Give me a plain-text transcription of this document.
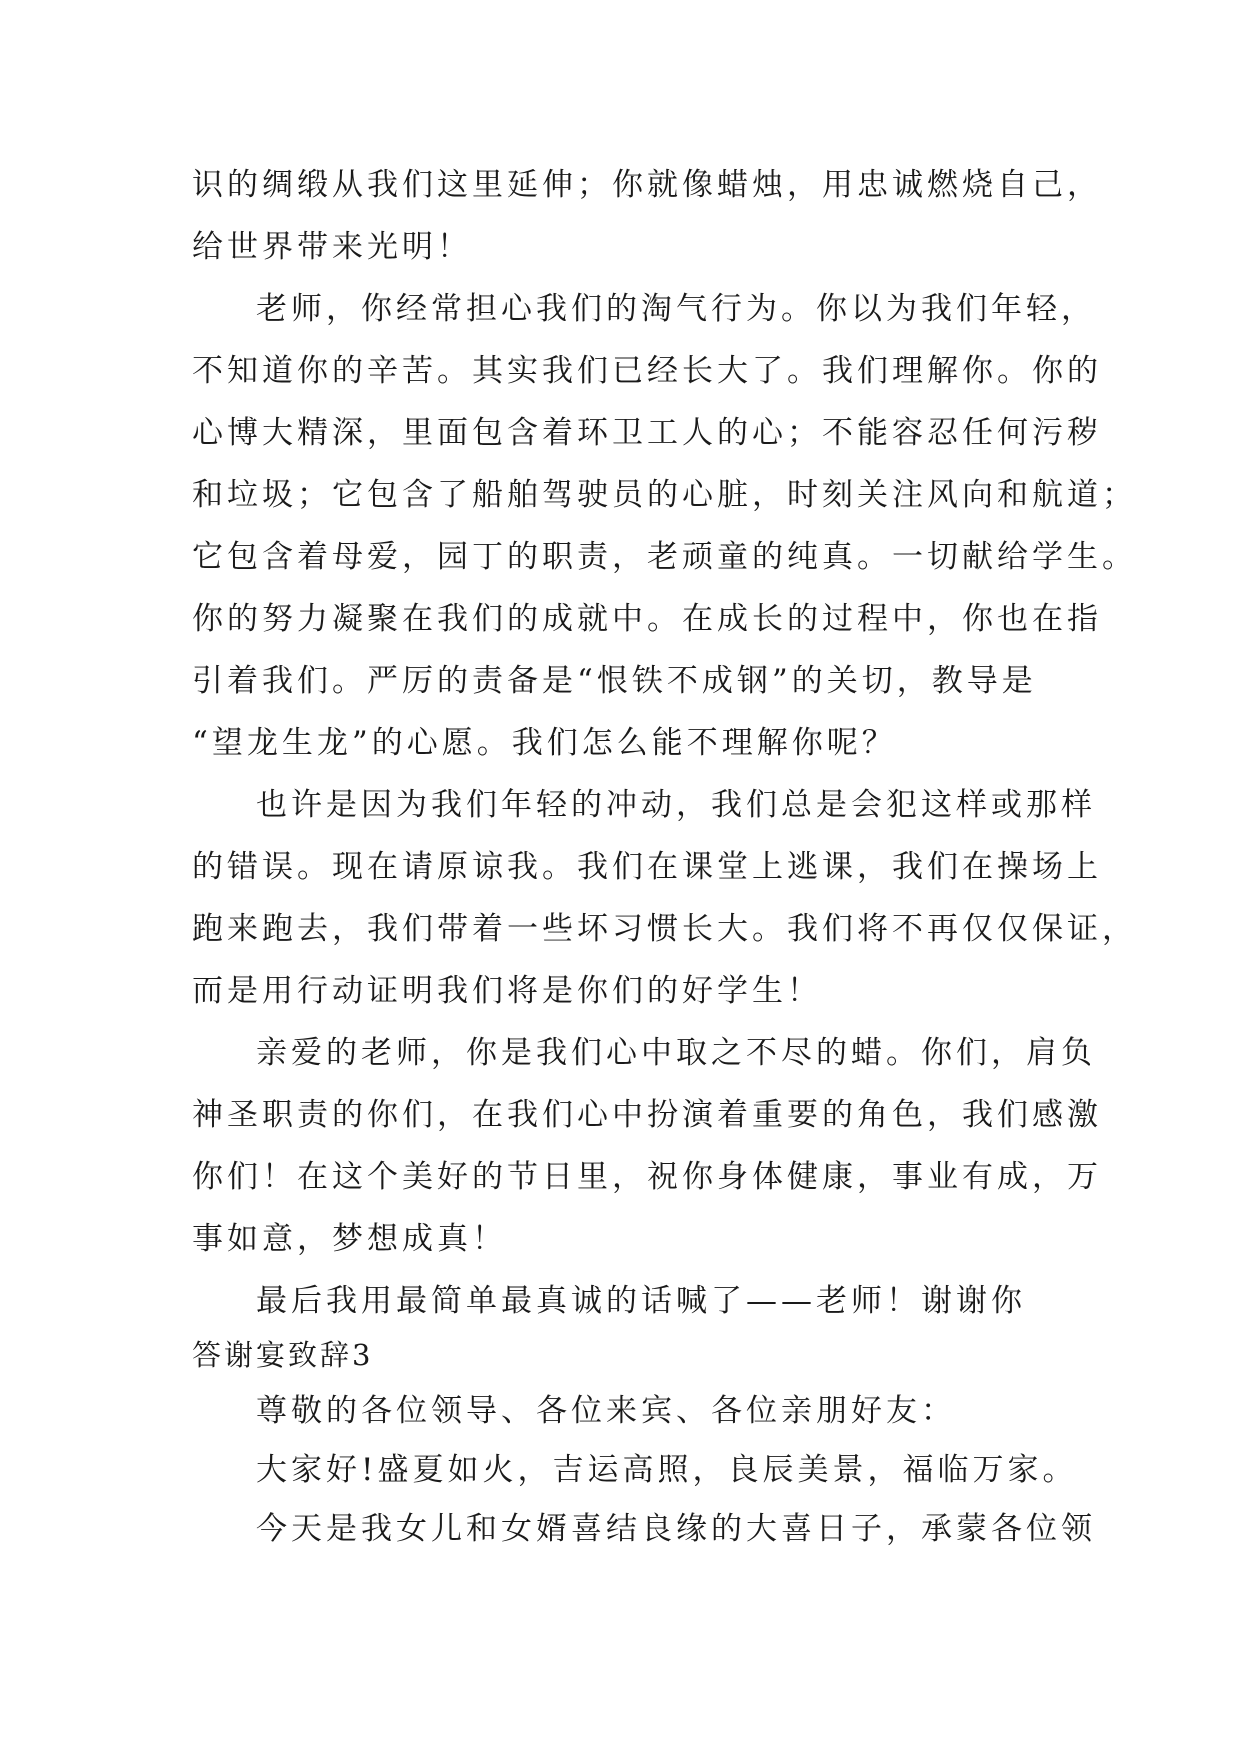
识的绸缎从我们这里延伸；你就像蜡烛，用忠诚燃烧自己，
给世界带来光明！
老师，你经常担心我们的淘气行为。你以为我们年轻，
不知道你的辛苦。其实我们已经长大了。我们理解你。你的
心博大精深，里面包含着环卫工人的心；不能容忍任何污秽
和垃圾；它包含了船舶驾驶员的心脏，时刻关注风向和航道；
它包含着母爱，园丁的职责，老顽童的纯真。一切献给学生。
你的努力凝聚在我们的成就中。在成长的过程中，你也在指
引着我们。严厉的责备是“恨铁不成钢”的关切，教导是
“望龙生龙”的心愿。我们怎么能不理解你呢？
也许是因为我们年轻的冲动，我们总是会犯这样或那样
的错误。现在请原谅我。我们在课堂上逃课，我们在操场上
跑来跑去，我们带着一些坏习惯长大。我们将不再仅仅保证，
而是用行动证明我们将是你们的好学生！
亲爱的老师，你是我们心中取之不尽的蜡。你们，肩负
神圣职责的你们，在我们心中扮演着重要的角色，我们感激
你们！在这个美好的节日里，祝你身体健康，事业有成，万
事如意，梦想成真！
最后我用最简单最真诚的话喊了——老师！谢谢你
答谢宴致辞3
尊敬的各位领导、各位来宾、各位亲朋好友：
大家好!盛夏如火，吉运高照，良辰美景，福临万家。
今天是我女儿和女婿喜结良缘的大喜日子，承蒙各位领
